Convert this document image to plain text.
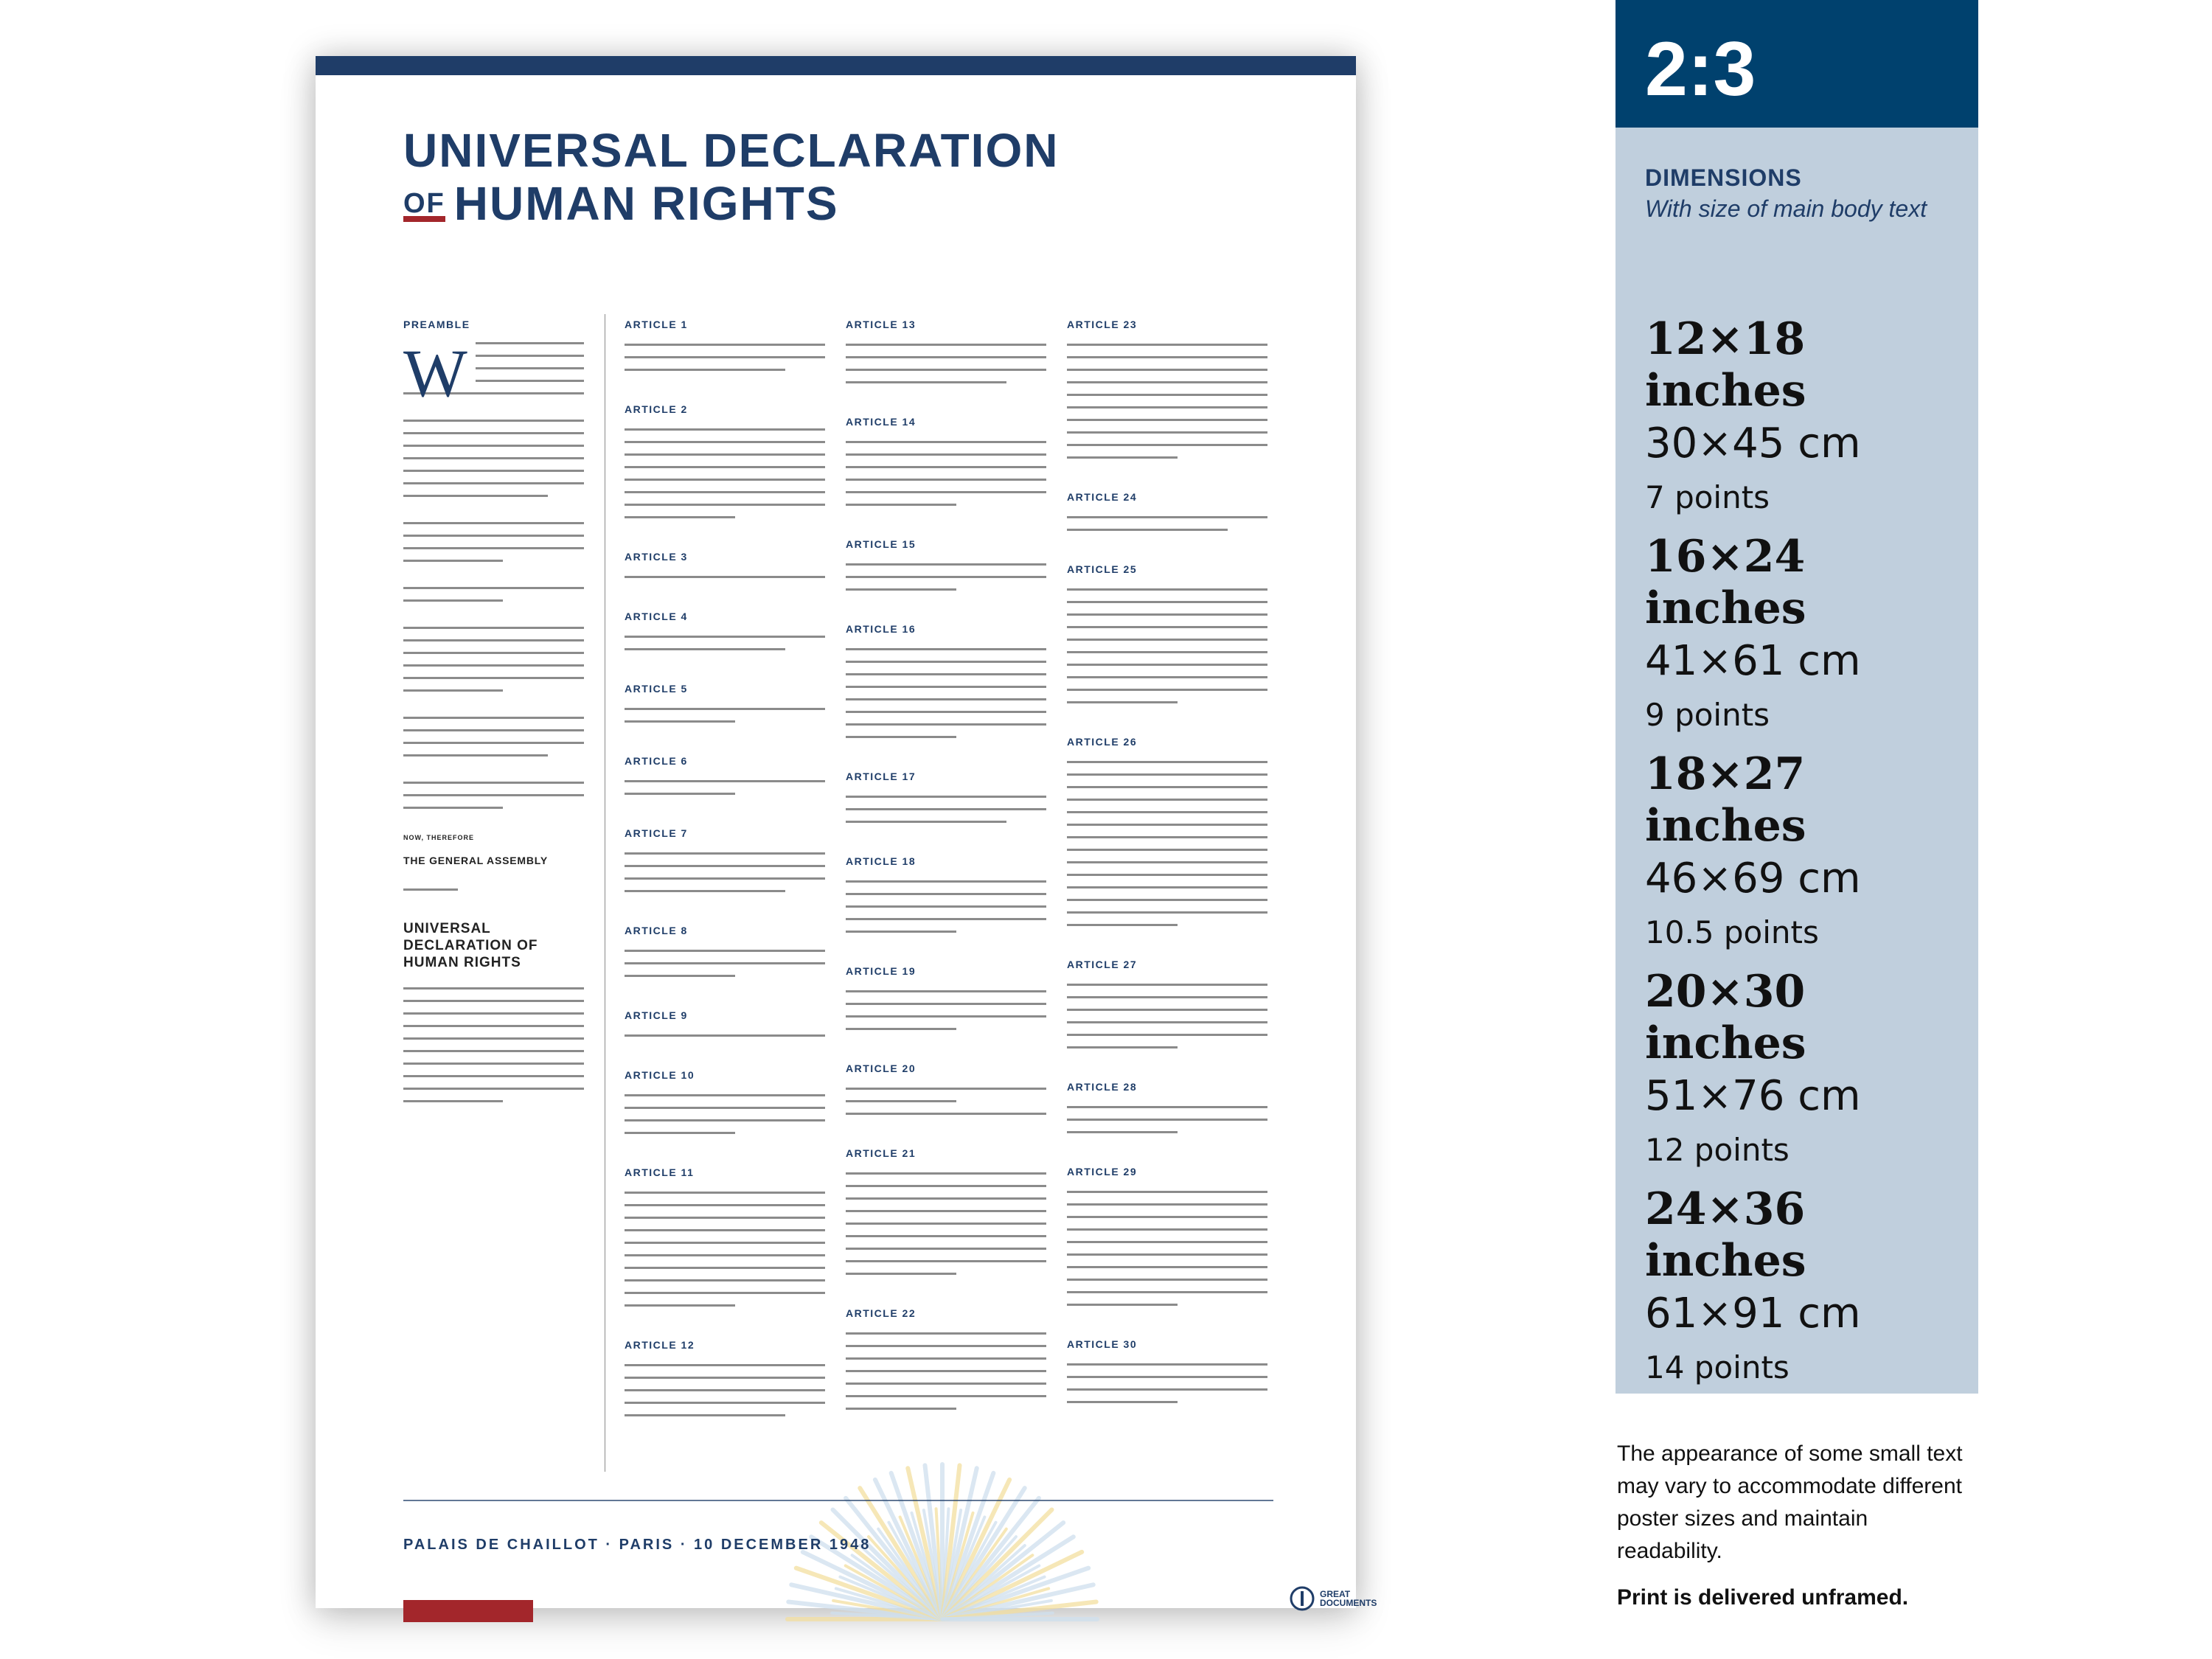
UNIVERSAL DECLARATION
OF HUMAN RIGHTS
PREAMBLE
W
NOW, THEREFORE
THE GENERAL ASSEMBLY
UNIVERSAL
DECLARATION OF
HUMAN RIGHTS
ARTICLE 1
ARTICLE 2
ARTICLE 3
ARTICLE 4
ARTICLE 5
ARTICLE 6
ARTICLE 7
ARTICLE 8
ARTICLE 9
ARTICLE 10
ARTICLE 11
ARTICLE 12
ARTICLE 13
ARTICLE 14
ARTICLE 15
ARTICLE 16
ARTICLE 17
ARTICLE 18
ARTICLE 19
ARTICLE 20
ARTICLE 21
ARTICLE 22
ARTICLE 23
ARTICLE 24
ARTICLE 25
ARTICLE 26
ARTICLE 27
ARTICLE 28
ARTICLE 29
ARTICLE 30
PALAIS DE CHAILLOT · PARIS · 10 DECEMBER 1948
GREAT
DOCUMENTS
2:3
DIMENSIONS
With size of main body text
12×18 inches
30×45 cm
7 points
16×24 inches
41×61 cm
9 points
18×27 inches
46×69 cm
10.5 points
20×30 inches
51×76 cm
12 points
24×36 inches
61×91 cm
14 points
The appearance of some small text may vary to accommodate different poster sizes and maintain readability.
Print is delivered unframed.
